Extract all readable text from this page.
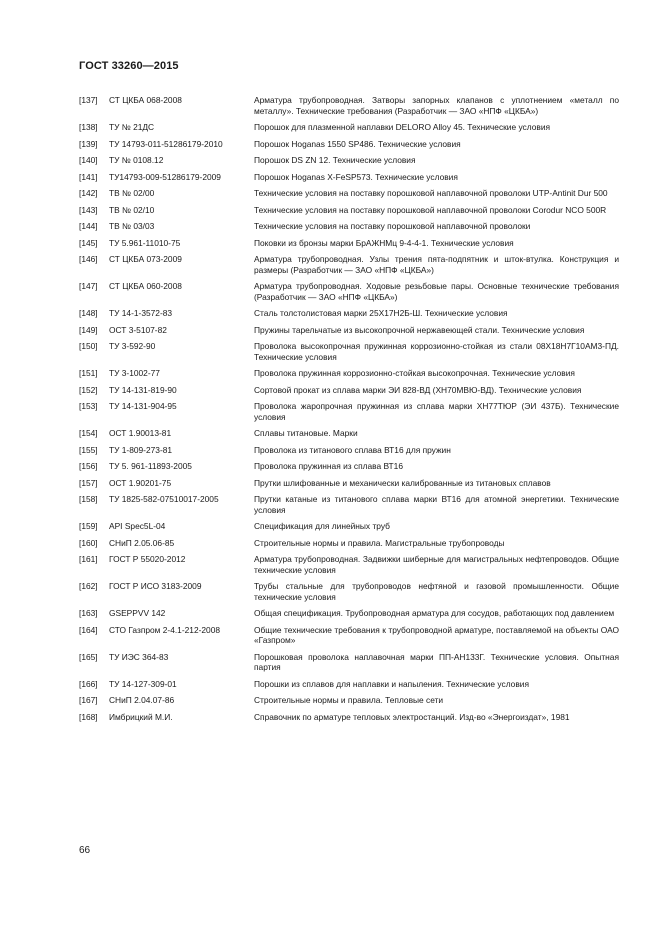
ГОСТ 33260—2015
[137]	СТ ЦКБА 068-2008	Арматура трубопроводная. Затворы запорных клапанов с уплотнением «металл по металлу». Технические требования (Разработчик — ЗАО «НПФ «ЦКБА»)
[138]	ТУ № 21ДС	Порошок для плазменной наплавки DELORO Alloy 45. Технические условия
[139]	ТУ 14793-011-51286179-2010	Порошок Hoganas 1550 SP486. Технические условия
[140]	ТУ № 0108.12	Порошок DS ZN 12. Технические условия
[141]	ТУ14793-009-51286179-2009	Порошок Hoganas X-FeSP573. Технические условия
[142]	ТВ № 02/00	Технические условия на поставку порошковой наплавочной проволоки UTP-Antinit Dur 500
[143]	ТВ № 02/10	Технические условия на поставку порошковой наплавочной проволоки Corodur NCO 500R
[144]	ТВ № 03/03	Технические условия на поставку порошковой наплавочной проволоки
[145]	ТУ 5.961-11010-75	Поковки из бронзы марки БрАЖНМц 9-4-4-1. Технические условия
[146]	СТ ЦКБА 073-2009	Арматура трубопроводная. Узлы трения пята-подпятник и шток-втулка. Конструкция и размеры (Разработчик — ЗАО «НПФ «ЦКБА»)
[147]	СТ ЦКБА 060-2008	Арматура трубопроводная. Ходовые резьбовые пары. Основные технические требования (Разработчик — ЗАО «НПФ «ЦКБА»)
[148]	ТУ 14-1-3572-83	Сталь толстолистовая марки 25Х17Н2Б-Ш. Технические условия
[149]	ОСТ 3-5107-82	Пружины тарельчатые из высокопрочной нержавеющей стали. Технические условия
[150]	ТУ 3-592-90	Проволока высокопрочная пружинная коррозионно-стойкая из стали 08Х18Н7Г10АМ3-ПД. Технические условия
[151]	ТУ 3-1002-77	Проволока пружинная коррозионно-стойкая высокопрочная. Технические условия
[152]	ТУ 14-131-819-90	Сортовой прокат из сплава марки ЭИ 828-ВД (ХН70МВЮ-ВД). Технические условия
[153]	ТУ 14-131-904-95	Проволока жаропрочная пружинная из сплава марки ХН77ТЮР (ЭИ 437Б). Технические условия
[154]	ОСТ 1.90013-81	Сплавы титановые. Марки
[155]	ТУ 1-809-273-81	Проволока из титанового сплава ВТ16 для пружин
[156]	ТУ 5. 961-11893-2005	Проволока пружинная из сплава ВТ16
[157]	ОСТ 1.90201-75	Прутки шлифованные и механически калиброванные из титановых сплавов
[158]	ТУ 1825-582-07510017-2005	Прутки катаные из титанового сплава марки ВТ16 для атомной энергетики. Технические условия
[159]	API Spec5L-04	Спецификация для линейных труб
[160]	СНиП 2.05.06-85	Строительные нормы и правила. Магистральные трубопроводы
[161]	ГОСТ Р 55020-2012	Арматура трубопроводная. Задвижки шиберные для магистральных нефтепроводов. Общие технические условия
[162]	ГОСТ Р ИСО 3183-2009	Трубы стальные для трубопроводов нефтяной и газовой промышленности. Общие технические условия
[163]	GSEPPVV 142	Общая спецификация. Трубопроводная арматура для сосудов, работающих под давлением
[164]	СТО Газпром 2-4.1-212-2008	Общие технические требования к трубопроводной арматуре, поставляемой на объекты ОАО «Газпром»
[165]	ТУ ИЭС 364-83	Порошковая проволока наплавочная марки ПП-АН133Г. Технические условия. Опытная партия
[166]	ТУ 14-127-309-01	Порошки из сплавов для наплавки и напыления. Технические условия
[167]	СНиП 2.04.07-86	Строительные нормы и правила. Тепловые сети
[168]	Имбрицкий М.И.	Справочник по арматуре тепловых электростанций. Изд-во «Энергоиздат», 1981
66
